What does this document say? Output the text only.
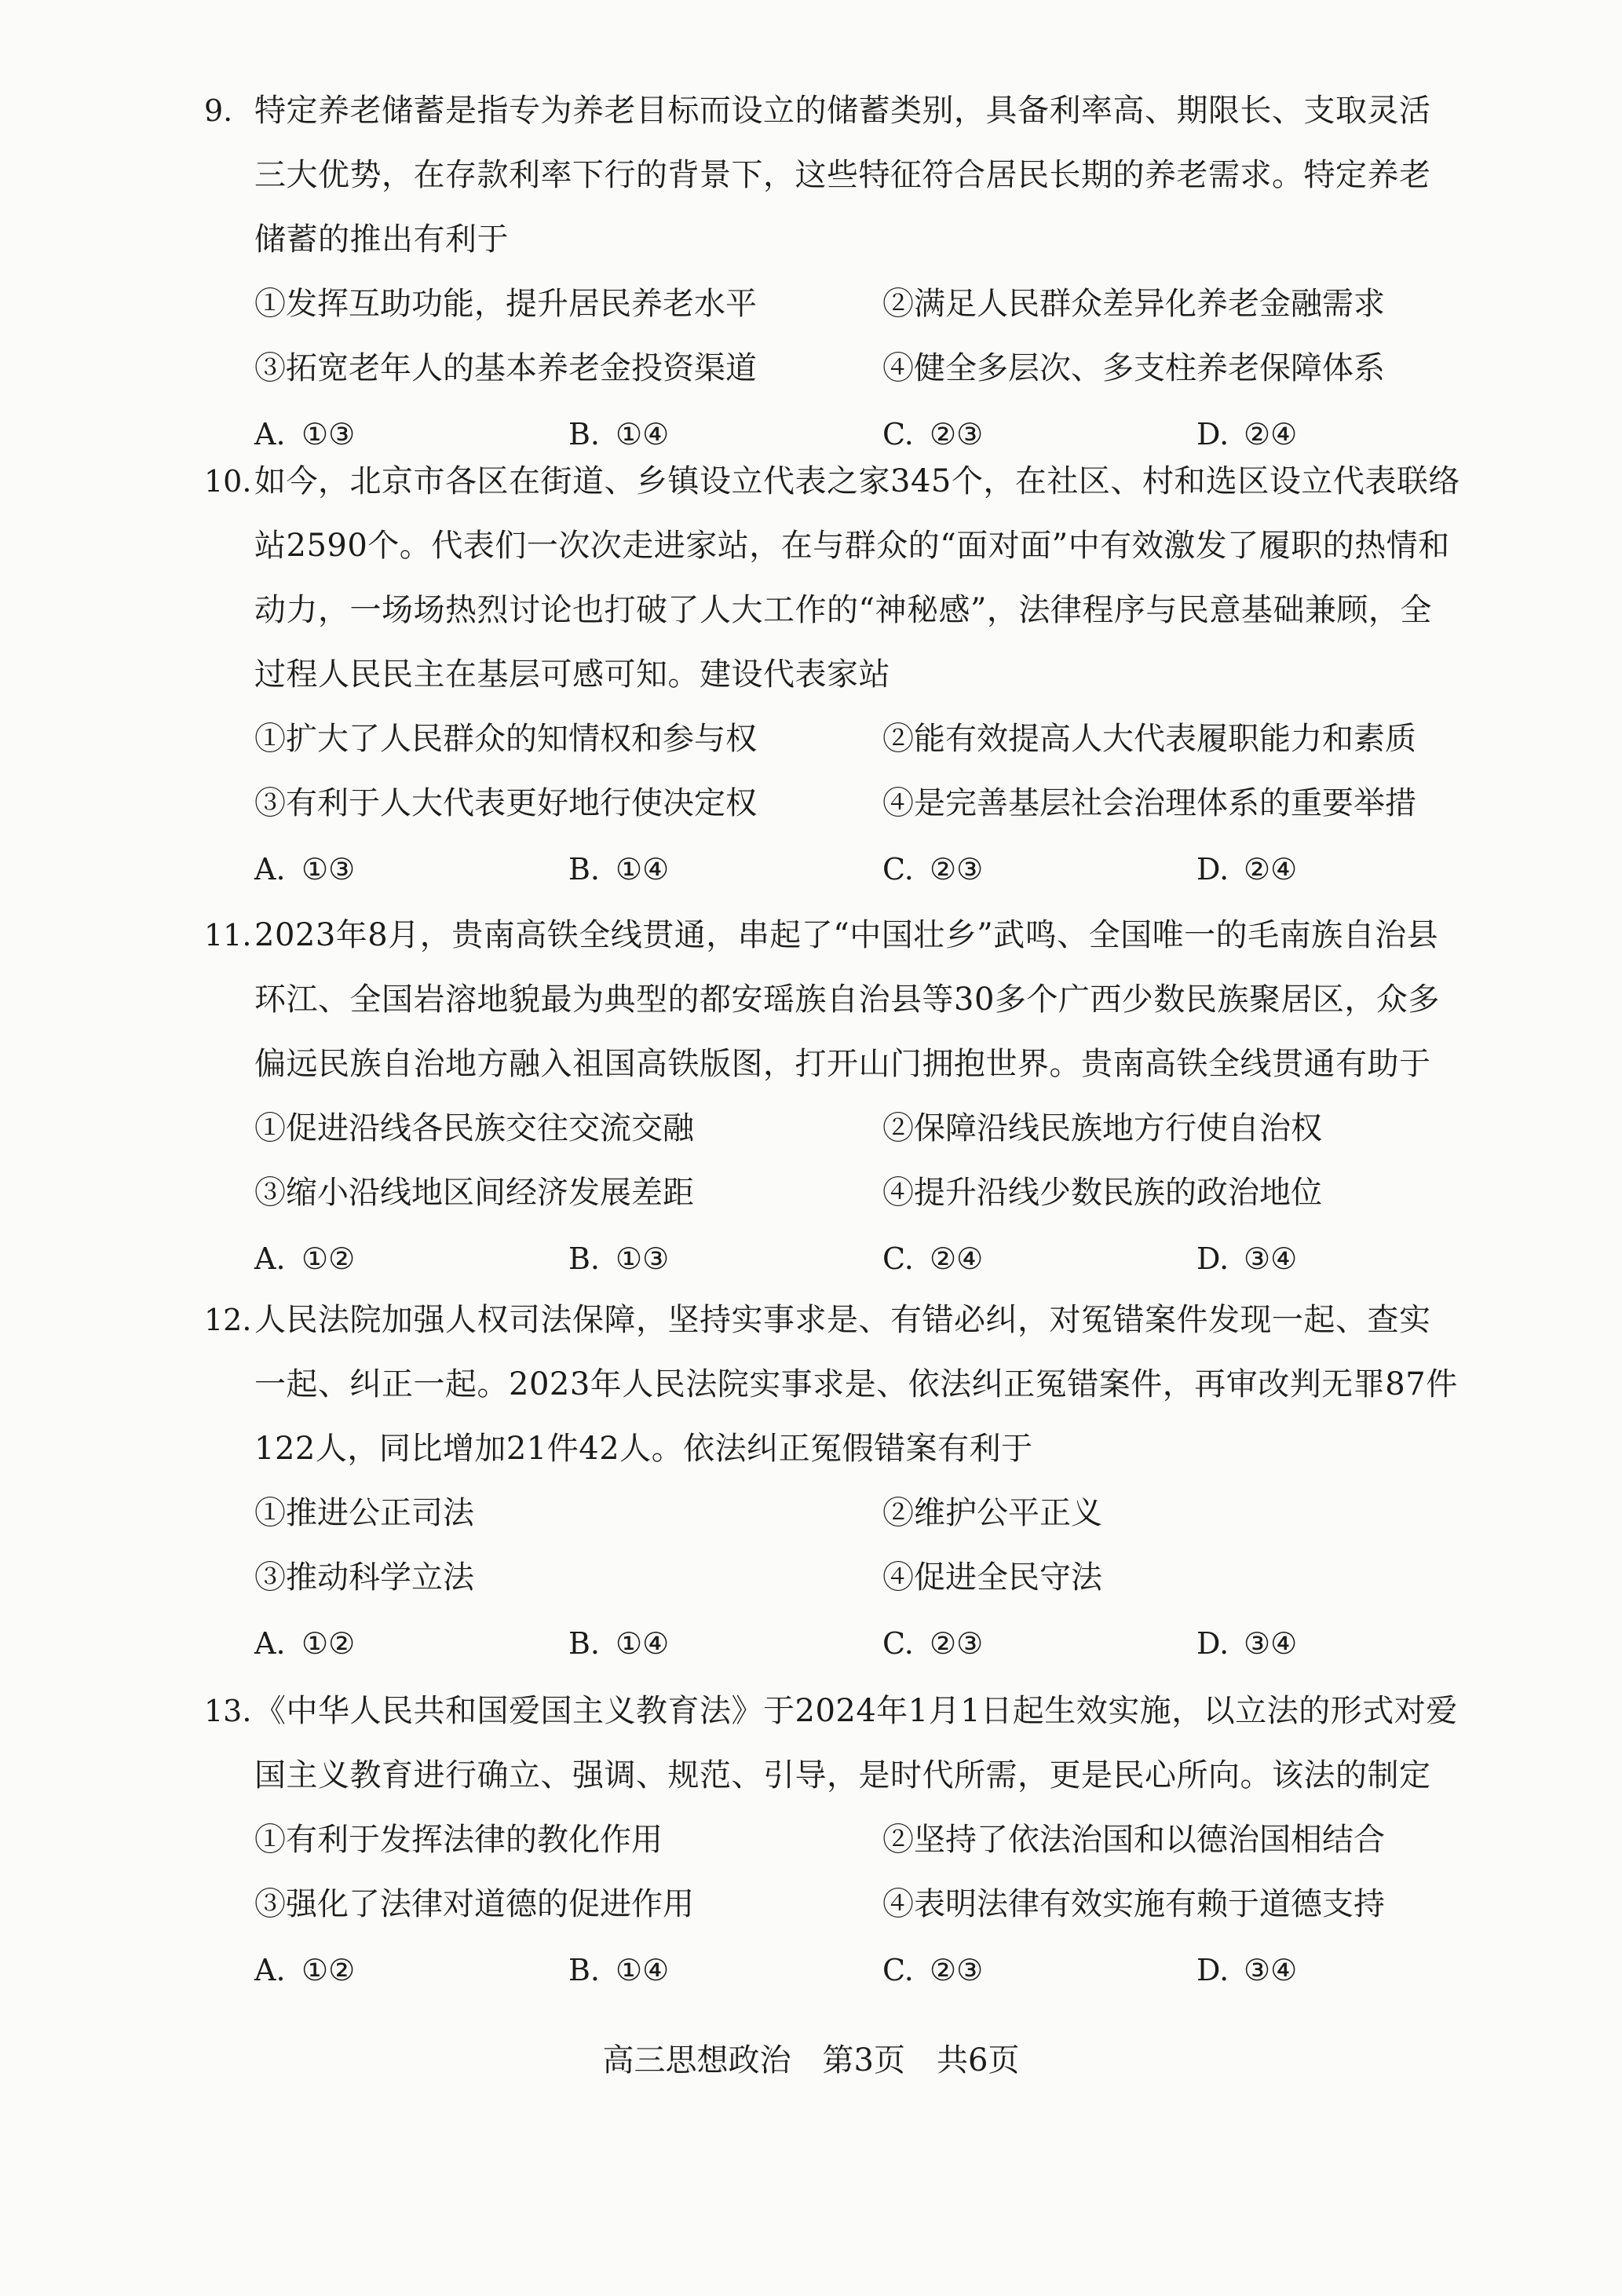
9. 特定养老储蓄是指专为养老目标而设立的储蓄类别，具备利率高、期限长、支取灵活三大优势，在存款利率下行的背景下，这些特征符合居民长期的养老需求。特定养老储蓄的推出有利于
①发挥互助功能，提升居民养老水平	②满足人民群众差异化养老金融需求
③拓宽老年人的基本养老金投资渠道	④健全多层次、多支柱养老保障体系
A. ①③	B. ①④	C. ②③	D. ②④
10. 如今，北京市各区在街道、乡镇设立代表之家345个，在社区、村和选区设立代表联络站2590个。代表们一次次走进家站，在与群众的“面对面”中有效激发了履职的热情和动力，一场场热烈讨论也打破了人大工作的“神秘感”，法律程序与民意基础兼顾，全过程人民民主在基层可感可知。建设代表家站
①扩大了人民群众的知情权和参与权	②能有效提高人大代表履职能力和素质
③有利于人大代表更好地行使决定权	④是完善基层社会治理体系的重要举措
A. ①③	B. ①④	C. ②③	D. ②④
11. 2023年8月，贵南高铁全线贯通，串起了“中国壮乡”武鸣、全国唯一的毛南族自治县环江、全国岩溶地貌最为典型的都安瑶族自治县等30多个广西少数民族聚居区，众多偏远民族自治地方融入祖国高铁版图，打开山门拥抱世界。贵南高铁全线贯通有助于
①促进沿线各民族交往交流交融	②保障沿线民族地方行使自治权
③缩小沿线地区间经济发展差距	④提升沿线少数民族的政治地位
A. ①②	B. ①③	C. ②④	D. ③④
12. 人民法院加强人权司法保障，坚持实事求是、有错必纠，对冤错案件发现一起、查实一起、纠正一起。2023年人民法院实事求是、依法纠正冤错案件，再审改判无罪87件122人，同比增加21件42人。依法纠正冤假错案有利于
①推进公正司法	②维护公平正义
③推动科学立法	④促进全民守法
A. ①②	B. ①④	C. ②③	D. ③④
13. 《中华人民共和国爱国主义教育法》于2024年1月1日起生效实施，以立法的形式对爱国主义教育进行确立、强调、规范、引导，是时代所需，更是民心所向。该法的制定
①有利于发挥法律的教化作用	②坚持了依法治国和以德治国相结合
③强化了法律对道德的促进作用	④表明法律有效实施有赖于道德支持
A. ①②	B. ①④	C. ②③	D. ③④
高三思想政治　第3页　共6页
